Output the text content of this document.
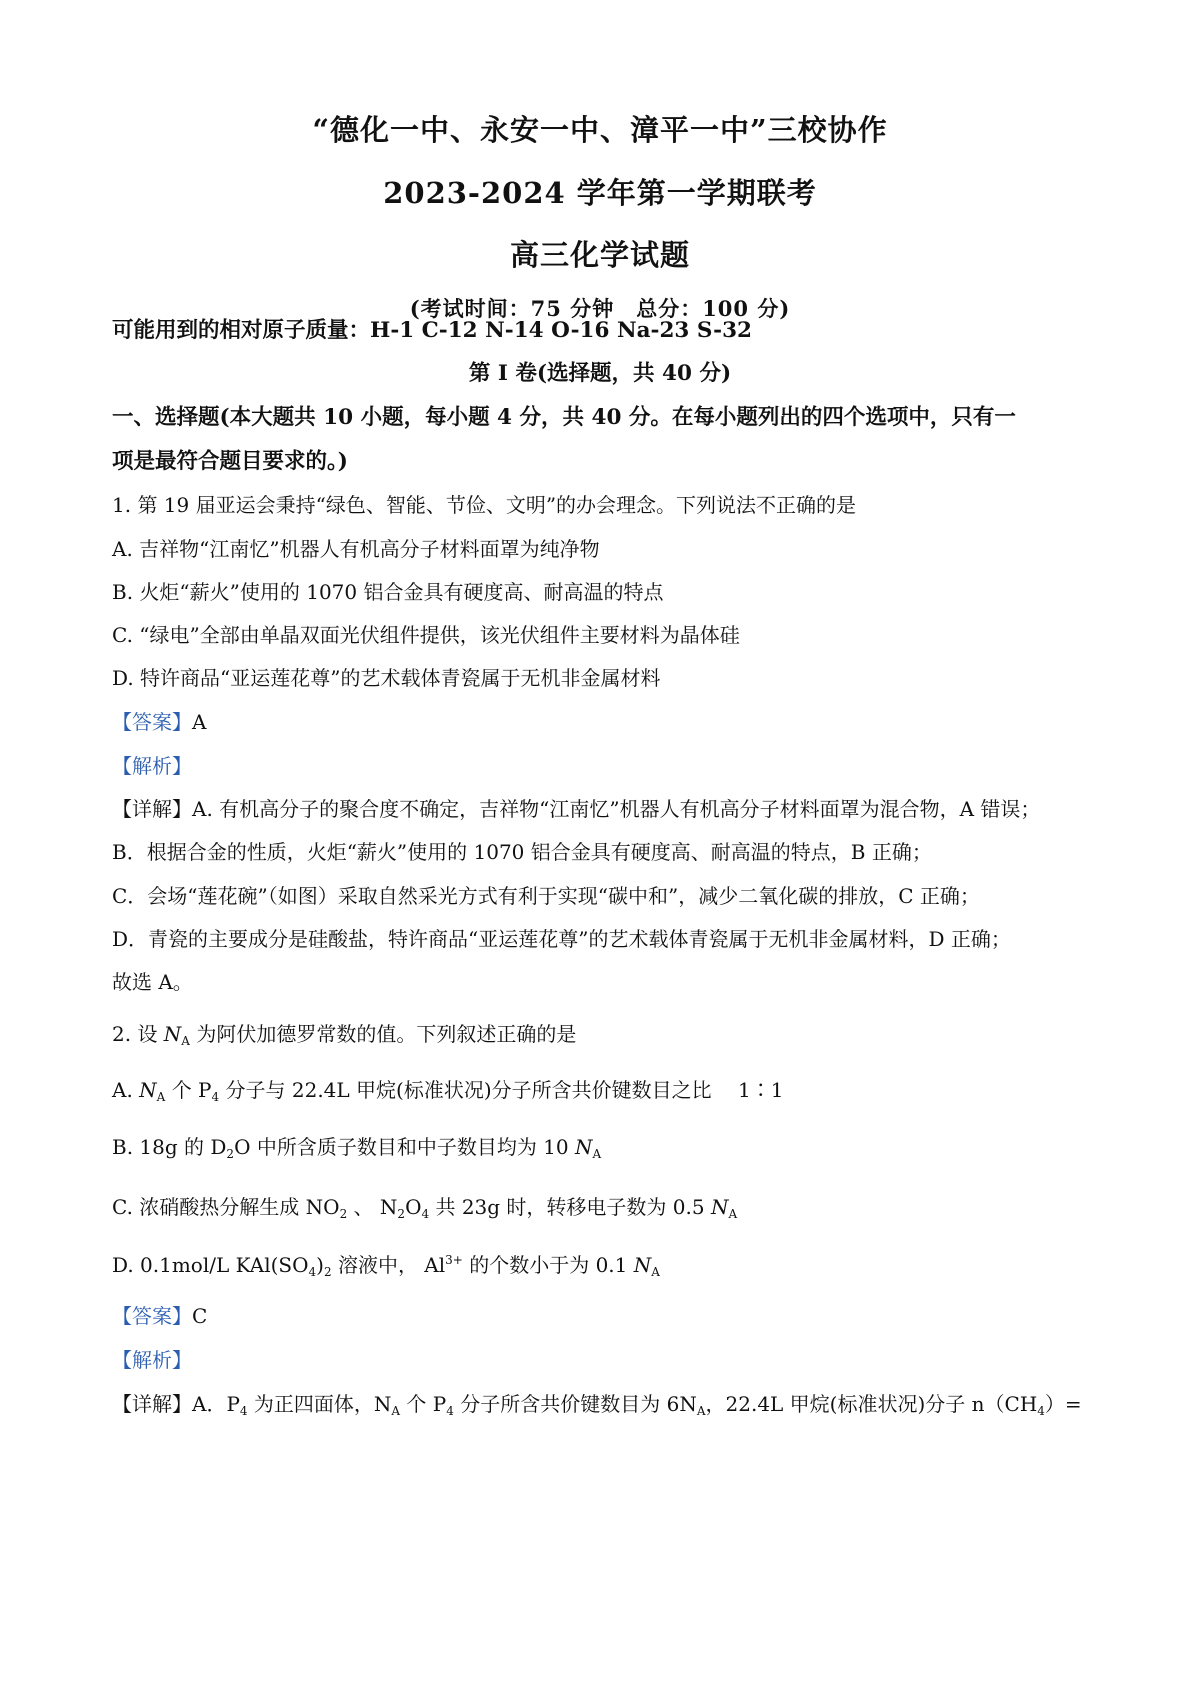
“德化一中、永安一中、漳平一中”三校协作
2023-2024 学年第一学期联考
高三化学试题
(考试时间：75 分钟　总分：100 分)
可能用到的相对原子质量：H-1 C-12 N-14 O-16 Na-23 S-32
第 I 卷(选择题，共 40 分)
一、选择题(本大题共 10 小题，每小题 4 分，共 40 分。在每小题列出的四个选项中，只有一
项是最符合题目要求的。)
1. 第 19 届亚运会秉持“绿色、智能、节俭、文明”的办会理念。下列说法不正确的是
A. 吉祥物“江南忆”机器人有机高分子材料面罩为纯净物
B. 火炬“薪火”使用的 1070 铝合金具有硬度高、耐高温的特点
C. “绿电”全部由单晶双面光伏组件提供，该光伏组件主要材料为晶体硅
D. 特许商品“亚运莲花尊”的艺术载体青瓷属于无机非金属材料
【答案】A
【解析】
【详解】A. 有机高分子的聚合度不确定，吉祥物“江南忆”机器人有机高分子材料面罩为混合物，A 错误；
B．根据合金的性质，火炬“薪火”使用的 1070 铝合金具有硬度高、耐高温的特点，B 正确；
C．会场“莲花碗”（如图）采取自然采光方式有利于实现“碳中和”，减少二氧化碳的排放，C 正确；
D．青瓷的主要成分是硅酸盐，特许商品“亚运莲花尊”的艺术载体青瓷属于无机非金属材料，D 正确；
故选 A。
2. 设 $N_A$ 为阿伏加德罗常数的值。下列叙述正确的是
A. $N_A$ 个 $P_4$ 分子与 22.4L 甲烷(标准状况)分子所含共价键数目之比　 1∶1
B. 18g 的 $D_2O$ 中所含质子数目和中子数目均为 10 $N_A$
C. 浓硝酸热分解生成 $NO_2$ 、 $N_2O_4$ 共 23g 时，转移电子数为 0.5 $N_A$
D. 0.1mol/L $KAl(SO_4)_2$ 溶液中， $Al^{3+}$ 的个数小于为 0.1 $N_A$
【答案】C
【解析】
【详解】A．$P_4$ 为正四面体，$N_A$ 个 $P_4$ 分子所含共价键数目为 $6N_A$，22.4L 甲烷(标准状况)分子 $n(CH_4)=$
